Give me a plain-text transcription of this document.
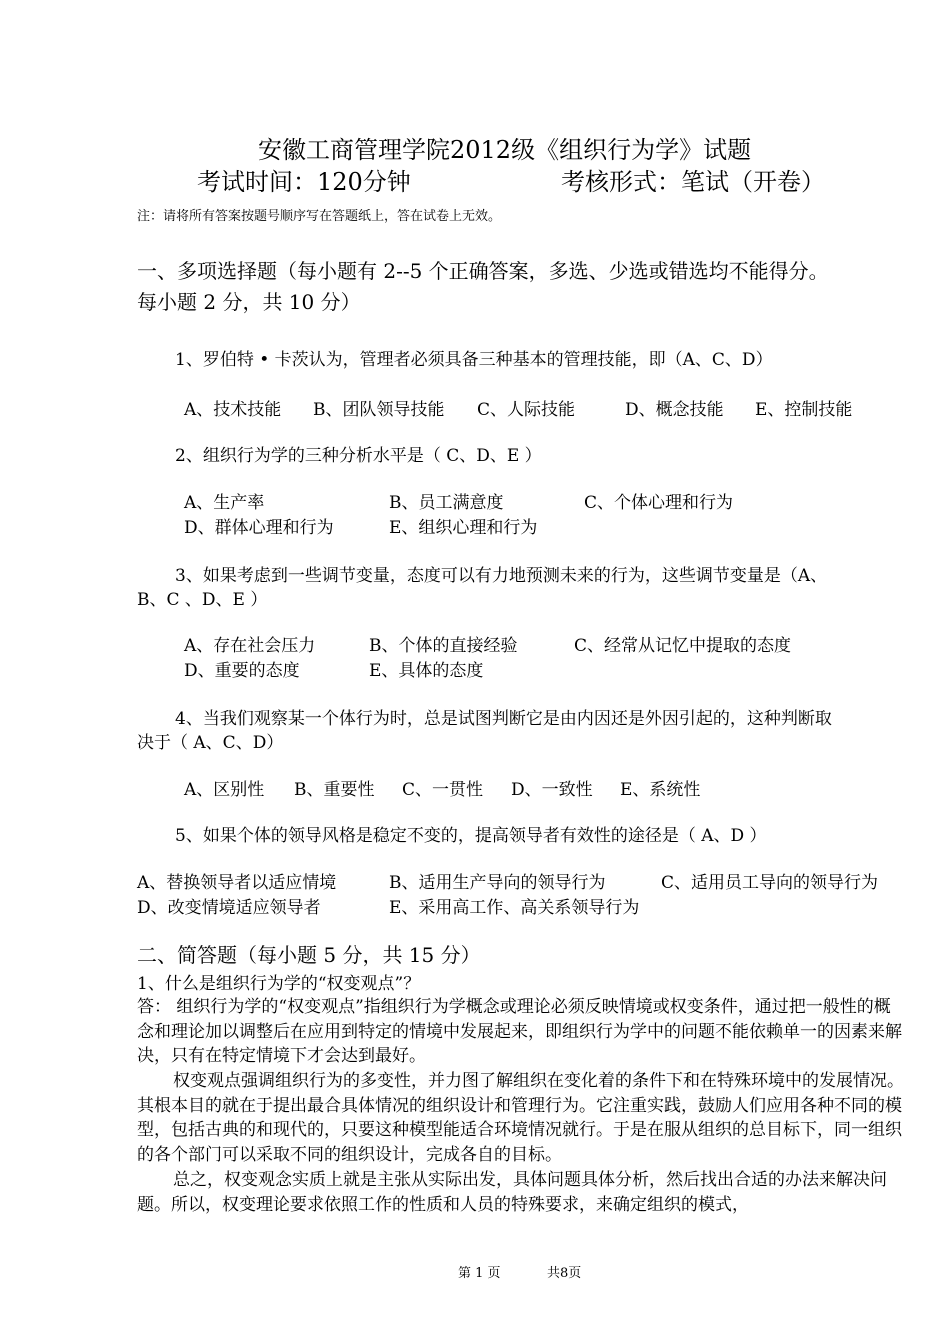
安徽工商管理学院2012级《组织行为学》试题
考试时间：120分钟	考核形式：笔试（开卷）
注：请将所有答案按题号顺序写在答题纸上，答在试卷上无效。
一、多项选择题（每小题有 2--5 个正确答案，多选、少选或错选均不能得分。
每小题 2 分，共 10 分）
1、罗伯特 • 卡茨认为，管理者必须具备三种基本的管理技能，即（A、C、D）
A、技术技能 B、团队领导技能 C、人际技能	D、概念技能 E、控制技能
2、组织行为学的三种分析水平是（ C、D、E ）
A、生产率	B、员工满意度	C、个体心理和行为
D、群体心理和行为	E、组织心理和行为
3、如果考虑到一些调节变量，态度可以有力地预测未来的行为，这些调节变量是（A、
B、C 、D、E ）
A、存在社会压力	B、个体的直接经验	C、经常从记忆中提取的态度
D、重要的态度	E、具体的态度
4、当我们观察某一个体行为时，总是试图判断它是由内因还是外因引起的，这种判断取
决于（ A、C、D）
A、区别性 B、重要性 C、一贯性 D、一致性 E、系统性
5、如果个体的领导风格是稳定不变的，提高领导者有效性的途径是（ A、D ）
A、替换领导者以适应情境	B、适用生产导向的领导行为	C、适用员工导向的领导行为
D、改变情境适应领导者	E、采用高工作、高关系领导行为
二、简答题（每小题 5 分，共 15 分）
1、什么是组织行为学的“权变观点”？
答： 组织行为学的“权变观点”指组织行为学概念或理论必须反映情境或权变条件，通过把一般性的概念和理论加以调整后在应用到特定的情境中发展起来，即组织行为学中的问题不能依赖单一的因素来解决，只有在特定情境下才会达到最好。
权变观点强调组织行为的多变性，并力图了解组织在变化着的条件下和在特殊环境中的发展情况。其根本目的就在于提出最合具体情况的组织设计和管理行为。它注重实践，鼓励人们应用各种不同的模型，包括古典的和现代的，只要这种模型能适合环境情况就行。于是在服从组织的总目标下，同一组织的各个部门可以采取不同的组织设计，完成各自的目标。
总之，权变观念实质上就是主张从实际出发，具体问题具体分析，然后找出合适的办法来解决问题。所以，权变理论要求依照工作的性质和人员的特殊要求，来确定组织的模式，
第 1 页	共8页
